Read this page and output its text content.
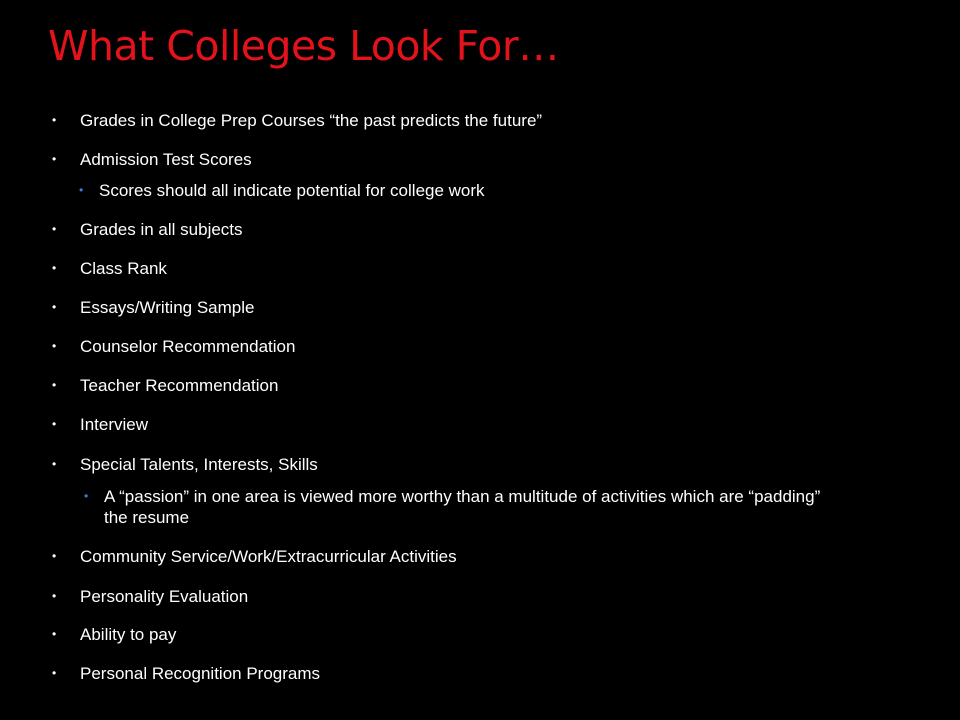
What Colleges Look For…
• Grades in College Prep Courses “the past predicts the future”
• Admission Test Scores
• Scores should all indicate potential for college work
• Grades in all subjects
• Class Rank
• Essays/Writing Sample
• Counselor Recommendation
• Teacher Recommendation
• Interview
• Special Talents, Interests, Skills
• A “passion” in one area is viewed more worthy than a multitude of activities which are “padding” the resume
• Community Service/Work/Extracurricular Activities
• Personality Evaluation
• Ability to pay
• Personal Recognition Programs
